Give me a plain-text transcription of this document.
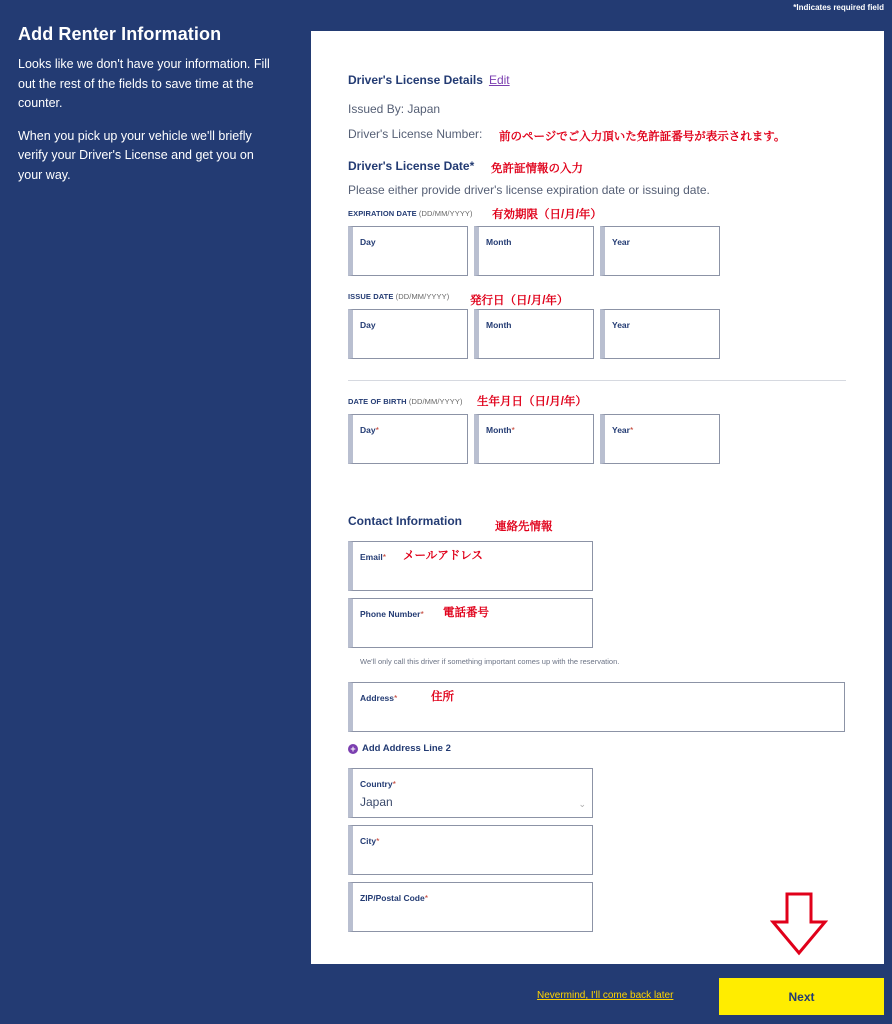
*Indicates required field
Add Renter Information

Looks like we don't have your information. Fill out the rest of the fields to save time at the counter.

When you pick up your vehicle we'll briefly verify your Driver's License and get you on your way.

Driver's License Details Edit
Issued By: Japan
Driver's License Number: 前のページでご入力頂いた免許証番号が表示されます。
Driver's License Date* 免許証情報の入力
Please either provide driver's license expiration date or issuing date.
EXPIRATION DATE (DD/MM/YYYY) 有効期限（日/月/年）
Day	Month	Year
ISSUE DATE (DD/MM/YYYY) 発行日（日/月/年）
Day	Month	Year
DATE OF BIRTH (DD/MM/YYYY) 生年月日（日/月/年）
Day*	Month*	Year*
Contact Information	連絡先情報
Email* メールアドレス
Phone Number* 電話番号
We'll only call this driver if something important comes up with the reservation.
Address*	住所
+ Add Address Line 2
Country*
Japan	⌄
City*
ZIP/Postal Code*
Nevermind, I'll come back later	Next
